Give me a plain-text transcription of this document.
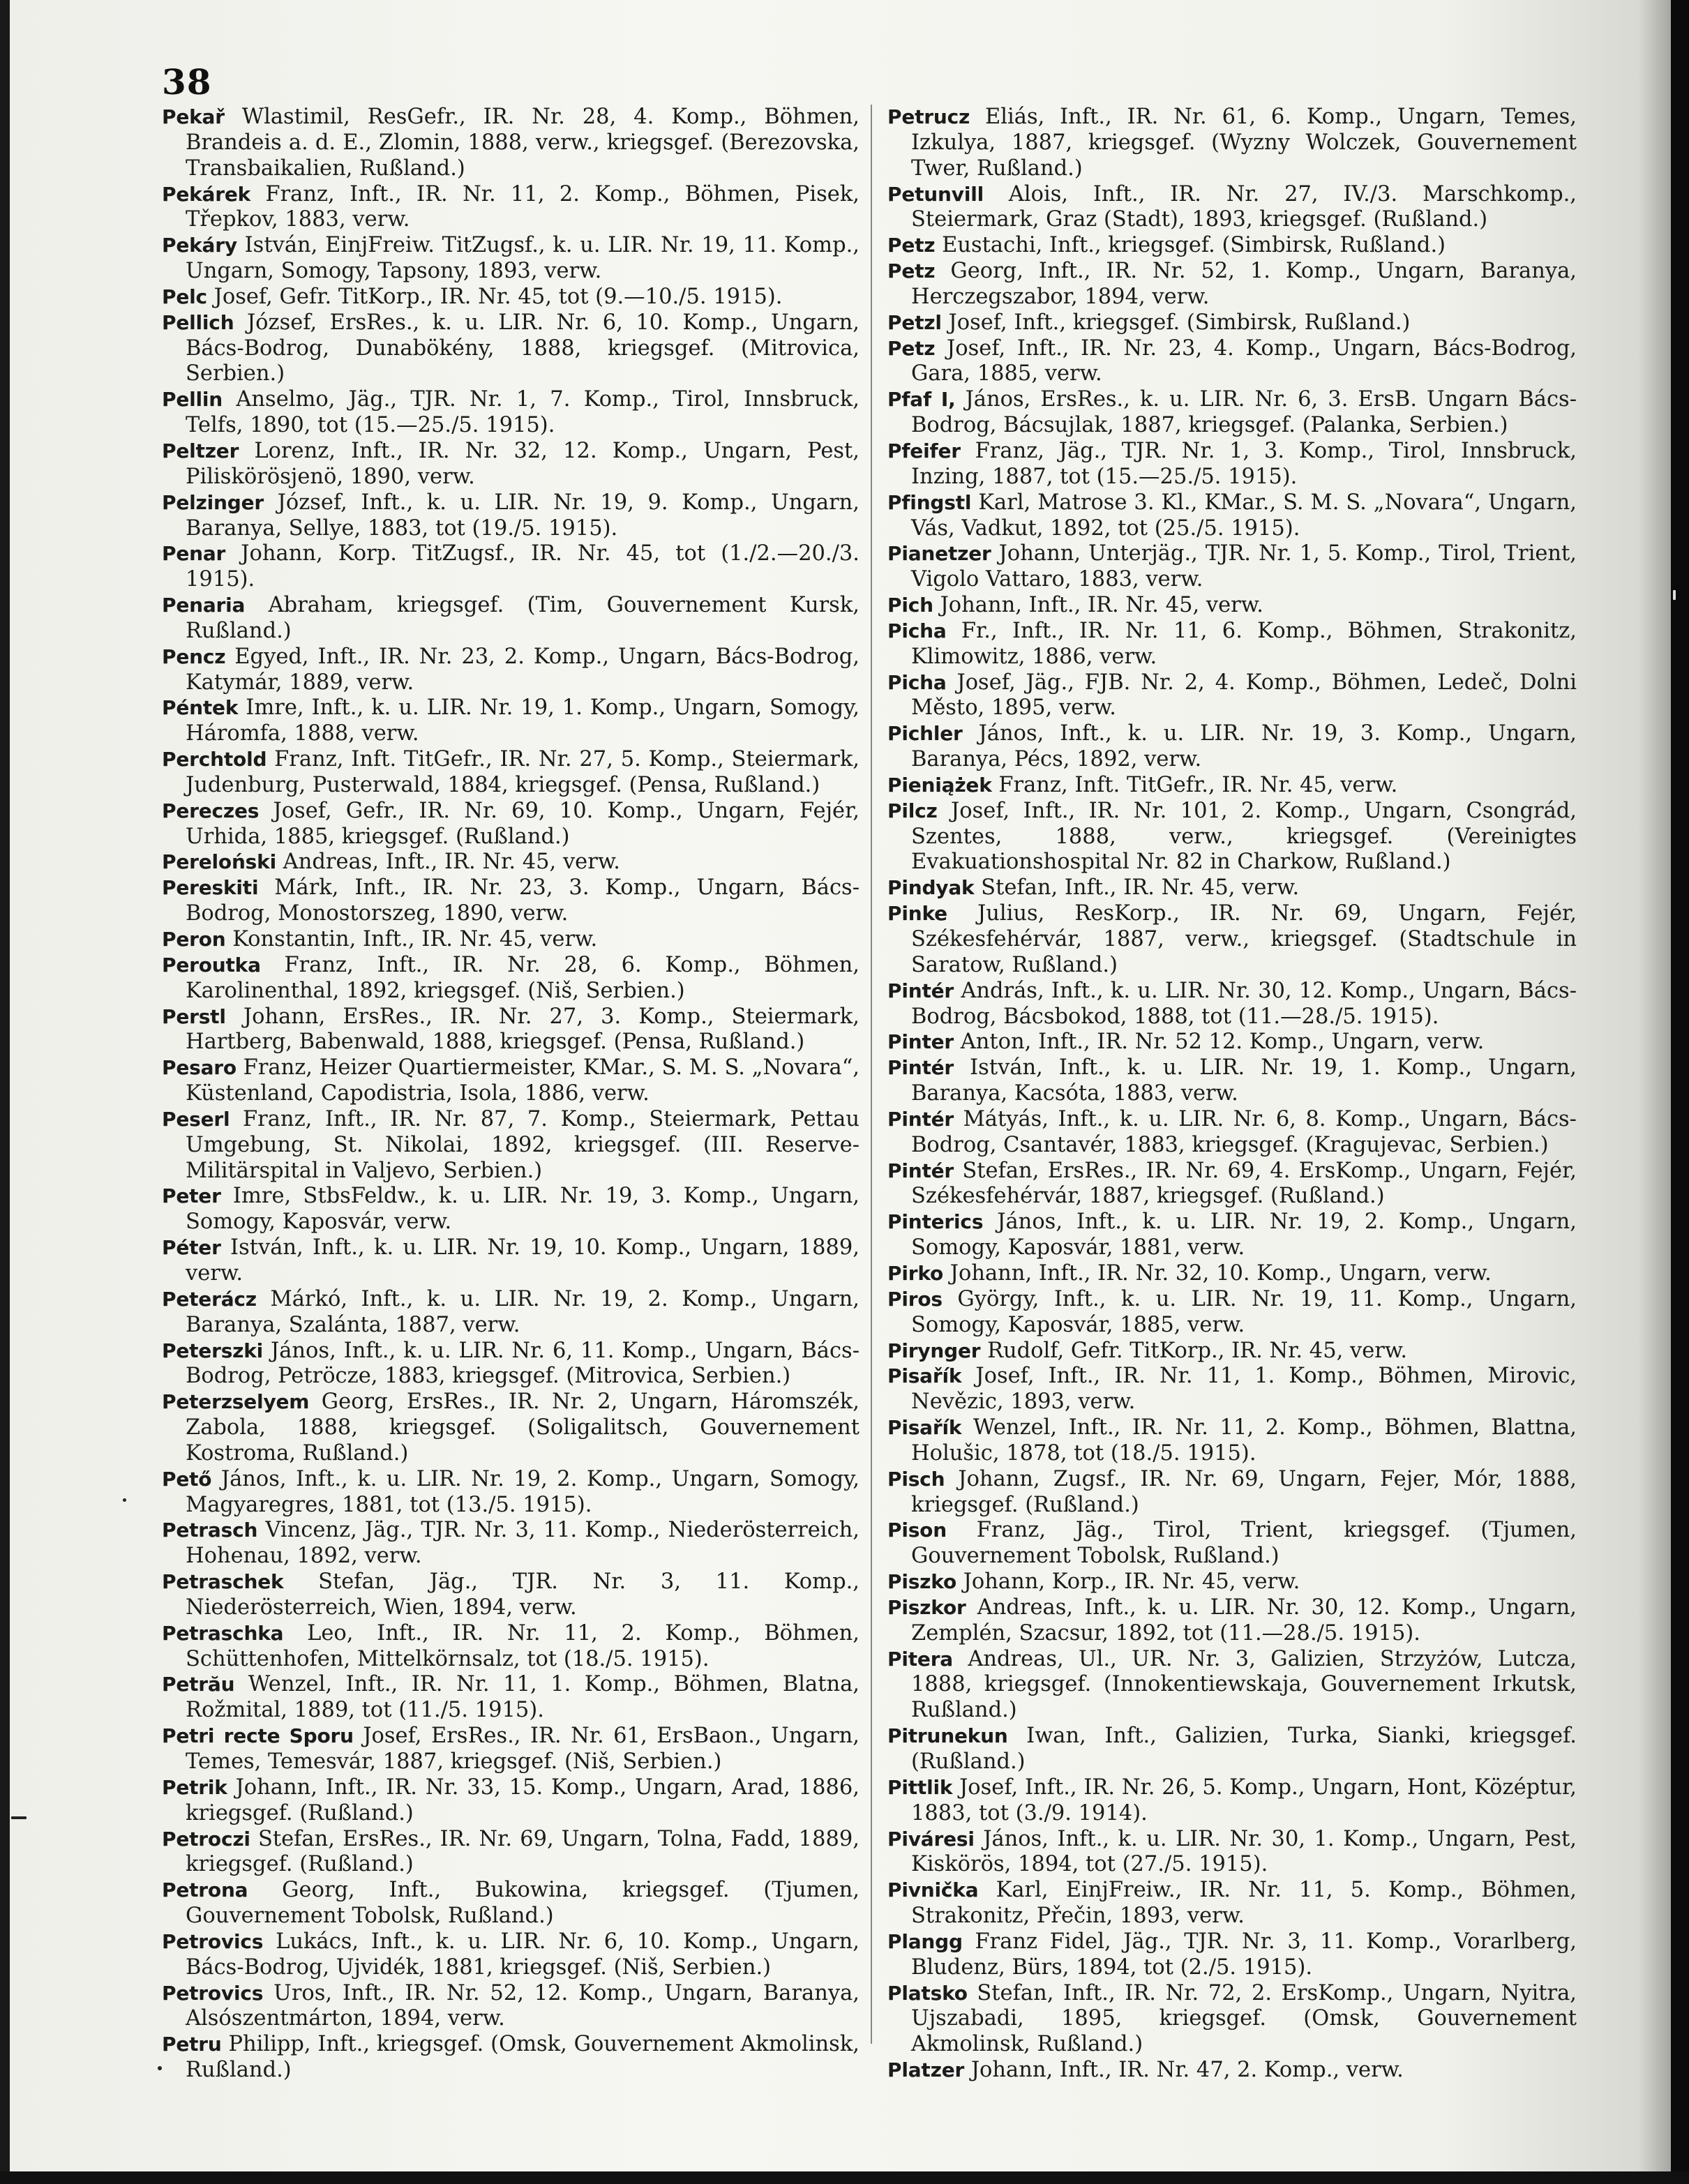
38

Pekař Wlastimil, ResGefr., IR. Nr. 28, 4. Komp., Böhmen, Brandeis a. d. E., Zlomin, 1888, verw., kriegsgef. (Berezovska, Transbaikalien, Rußland.)

Pekárek Franz, Inft., IR. Nr. 11, 2. Komp., Böhmen, Pisek, Třepkov, 1883, verw.

Pekáry István, EinjFreiw. TitZugsf., k. u. LIR. Nr. 19, 11. Komp., Ungarn, Somogy, Tapsony, 1893, verw.

Pelc Josef, Gefr. TitKorp., IR. Nr. 45, tot (9.—10./5. 1915).

Pellich József, ErsRes., k. u. LIR. Nr. 6, 10. Komp., Ungarn, Bács-Bodrog, Dunabökény, 1888, kriegsgef. (Mitrovica, Serbien.)

Pellin Anselmo, Jäg., TJR. Nr. 1, 7. Komp., Tirol, Innsbruck, Telfs, 1890, tot (15.—25./5. 1915).

Peltzer Lorenz, Inft., IR. Nr. 32, 12. Komp., Ungarn, Pest, Piliskörösjenö, 1890, verw.

Pelzinger József, Inft., k. u. LIR. Nr. 19, 9. Komp., Ungarn, Baranya, Sellye, 1883, tot (19./5. 1915).

Penar Johann, Korp. TitZugsf., IR. Nr. 45, tot (1./2.—20./3. 1915).

Penaria Abraham, kriegsgef. (Tim, Gouvernement Kursk, Rußland.)

Pencz Egyed, Inft., IR. Nr. 23, 2. Komp., Ungarn, Bács-Bodrog, Katymár, 1889, verw.

Péntek Imre, Inft., k. u. LIR. Nr. 19, 1. Komp., Ungarn, Somogy, Háromfa, 1888, verw.

Perchtold Franz, Inft. TitGefr., IR. Nr. 27, 5. Komp., Steiermark, Judenburg, Pusterwald, 1884, kriegsgef. (Pensa, Rußland.)

Pereczes Josef, Gefr., IR. Nr. 69, 10. Komp., Ungarn, Fejér, Urhida, 1885, kriegsgef. (Rußland.)

Pereloński Andreas, Inft., IR. Nr. 45, verw.

Pereskiti Márk, Inft., IR. Nr. 23, 3. Komp., Ungarn, Bács-Bodrog, Monostorszeg, 1890, verw.

Peron Konstantin, Inft., IR. Nr. 45, verw.

Peroutka Franz, Inft., IR. Nr. 28, 6. Komp., Böhmen, Karolinenthal, 1892, kriegsgef. (Niš, Serbien.)

Perstl Johann, ErsRes., IR. Nr. 27, 3. Komp., Steiermark, Hartberg, Babenwald, 1888, kriegsgef. (Pensa, Rußland.)

Pesaro Franz, Heizer Quartiermeister, KMar., S. M. S. „Novara“, Küstenland, Capodistria, Isola, 1886, verw.

Peserl Franz, Inft., IR. Nr. 87, 7. Komp., Steiermark, Pettau Umgebung, St. Nikolai, 1892, kriegsgef. (III. Reserve-Militärspital in Valjevo, Serbien.)

Peter Imre, StbsFeldw., k. u. LIR. Nr. 19, 3. Komp., Ungarn, Somogy, Kaposvár, verw.

Péter István, Inft., k. u. LIR. Nr. 19, 10. Komp., Ungarn, 1889, verw.

Peterácz Márkó, Inft., k. u. LIR. Nr. 19, 2. Komp., Ungarn, Baranya, Szalánta, 1887, verw.

Peterszki János, Inft., k. u. LIR. Nr. 6, 11. Komp., Ungarn, Bács-Bodrog, Petröcze, 1883, kriegsgef. (Mitrovica, Serbien.)

Peterzselyem Georg, ErsRes., IR. Nr. 2, Ungarn, Háromszék, Zabola, 1888, kriegsgef. (Soligalitsch, Gouvernement Kostroma, Rußland.)

Pető János, Inft., k. u. LIR. Nr. 19, 2. Komp., Ungarn, Somogy, Magyaregres, 1881, tot (13./5. 1915).

Petrasch Vincenz, Jäg., TJR. Nr. 3, 11. Komp., Niederösterreich, Hohenau, 1892, verw.

Petraschek Stefan, Jäg., TJR. Nr. 3, 11. Komp., Niederösterreich, Wien, 1894, verw.

Petraschka Leo, Inft., IR. Nr. 11, 2. Komp., Böhmen, Schüttenhofen, Mittelkörnsalz, tot (18./5. 1915).

Petrău Wenzel, Inft., IR. Nr. 11, 1. Komp., Böhmen, Blatna, Rožmital, 1889, tot (11./5. 1915).

Petri recte Sporu Josef, ErsRes., IR. Nr. 61, ErsBaon., Ungarn, Temes, Temesvár, 1887, kriegsgef. (Niš, Serbien.)

Petrik Johann, Inft., IR. Nr. 33, 15. Komp., Ungarn, Arad, 1886, kriegsgef. (Rußland.)

Petroczi Stefan, ErsRes., IR. Nr. 69, Ungarn, Tolna, Fadd, 1889, kriegsgef. (Rußland.)

Petrona Georg, Inft., Bukowina, kriegsgef. (Tjumen, Gouvernement Tobolsk, Rußland.)

Petrovics Lukács, Inft., k. u. LIR. Nr. 6, 10. Komp., Ungarn, Bács-Bodrog, Ujvidék, 1881, kriegsgef. (Niš, Serbien.)

Petrovics Uros, Inft., IR. Nr. 52, 12. Komp., Ungarn, Baranya, Alsószentmárton, 1894, verw.

Petru Philipp, Inft., kriegsgef. (Omsk, Gouvernement Akmolinsk, Rußland.)

Petrucz Eliás, Inft., IR. Nr. 61, 6. Komp., Ungarn, Temes, Izkulya, 1887, kriegsgef. (Wyzny Wolczek, Gouvernement Twer, Rußland.)

Petunvill Alois, Inft., IR. Nr. 27, IV./3. Marschkomp., Steiermark, Graz (Stadt), 1893, kriegsgef. (Rußland.)

Petz Eustachi, Inft., kriegsgef. (Simbirsk, Rußland.)

Petz Georg, Inft., IR. Nr. 52, 1. Komp., Ungarn, Baranya, Herczegszabor, 1894, verw.

Petzl Josef, Inft., kriegsgef. (Simbirsk, Rußland.)

Petz Josef, Inft., IR. Nr. 23, 4. Komp., Ungarn, Bács-Bodrog, Gara, 1885, verw.

Pfaf I, János, ErsRes., k. u. LIR. Nr. 6, 3. ErsB. Ungarn Bács-Bodrog, Bácsujlak, 1887, kriegsgef. (Palanka, Serbien.)

Pfeifer Franz, Jäg., TJR. Nr. 1, 3. Komp., Tirol, Innsbruck, Inzing, 1887, tot (15.—25./5. 1915).

Pfingstl Karl, Matrose 3. Kl., KMar., S. M. S. „Novara“, Ungarn, Vás, Vadkut, 1892, tot (25./5. 1915).

Pianetzer Johann, Unterjäg., TJR. Nr. 1, 5. Komp., Tirol, Trient, Vigolo Vattaro, 1883, verw.

Pich Johann, Inft., IR. Nr. 45, verw.

Picha Fr., Inft., IR. Nr. 11, 6. Komp., Böhmen, Strakonitz, Klimowitz, 1886, verw.

Picha Josef, Jäg., FJB. Nr. 2, 4. Komp., Böhmen, Ledeč, Dolni Město, 1895, verw.

Pichler János, Inft., k. u. LIR. Nr. 19, 3. Komp., Ungarn, Baranya, Pécs, 1892, verw.

Pieniążek Franz, Inft. TitGefr., IR. Nr. 45, verw.

Pilcz Josef, Inft., IR. Nr. 101, 2. Komp., Ungarn, Csongrád, Szentes, 1888, verw., kriegsgef. (Vereinigtes Evakuationshospital Nr. 82 in Charkow, Rußland.)

Pindyak Stefan, Inft., IR. Nr. 45, verw.

Pinke Julius, ResKorp., IR. Nr. 69, Ungarn, Fejér, Székesfehérvár, 1887, verw., kriegsgef. (Stadtschule in Saratow, Rußland.)

Pintér András, Inft., k. u. LIR. Nr. 30, 12. Komp., Ungarn, Bács-Bodrog, Bácsbokod, 1888, tot (11.—28./5. 1915).

Pinter Anton, Inft., IR. Nr. 52 12. Komp., Ungarn, verw.

Pintér István, Inft., k. u. LIR. Nr. 19, 1. Komp., Ungarn, Baranya, Kacsóta, 1883, verw.

Pintér Mátyás, Inft., k. u. LIR. Nr. 6, 8. Komp., Ungarn, Bács-Bodrog, Csantavér, 1883, kriegsgef. (Kragujevac, Serbien.)

Pintér Stefan, ErsRes., IR. Nr. 69, 4. ErsKomp., Ungarn, Fejér, Székesfehérvár, 1887, kriegsgef. (Rußland.)

Pinterics János, Inft., k. u. LIR. Nr. 19, 2. Komp., Ungarn, Somogy, Kaposvár, 1881, verw.

Pirko Johann, Inft., IR. Nr. 32, 10. Komp., Ungarn, verw.

Piros György, Inft., k. u. LIR. Nr. 19, 11. Komp., Ungarn, Somogy, Kaposvár, 1885, verw.

Pirynger Rudolf, Gefr. TitKorp., IR. Nr. 45, verw.

Pisařík Josef, Inft., IR. Nr. 11, 1. Komp., Böhmen, Mirovic, Nevězic, 1893, verw.

Pisařík Wenzel, Inft., IR. Nr. 11, 2. Komp., Böhmen, Blattna, Holušic, 1878, tot (18./5. 1915).

Pisch Johann, Zugsf., IR. Nr. 69, Ungarn, Fejer, Mór, 1888, kriegsgef. (Rußland.)

Pison Franz, Jäg., Tirol, Trient, kriegsgef. (Tjumen, Gouvernement Tobolsk, Rußland.)

Piszko Johann, Korp., IR. Nr. 45, verw.

Piszkor Andreas, Inft., k. u. LIR. Nr. 30, 12. Komp., Ungarn, Zemplén, Szacsur, 1892, tot (11.—28./5. 1915).

Pitera Andreas, Ul., UR. Nr. 3, Galizien, Strzyżów, Lutcza, 1888, kriegsgef. (Innokentiewskaja, Gouvernement Irkutsk, Rußland.)

Pitrunekun Iwan, Inft., Galizien, Turka, Sianki, kriegsgef. (Rußland.)

Pittlik Josef, Inft., IR. Nr. 26, 5. Komp., Ungarn, Hont, Középtur, 1883, tot (3./9. 1914).

Piváresi János, Inft., k. u. LIR. Nr. 30, 1. Komp., Ungarn, Pest, Kiskörös, 1894, tot (27./5. 1915).

Pivnička Karl, EinjFreiw., IR. Nr. 11, 5. Komp., Böhmen, Strakonitz, Přečin, 1893, verw.

Plangg Franz Fidel, Jäg., TJR. Nr. 3, 11. Komp., Vorarlberg, Bludenz, Bürs, 1894, tot (2./5. 1915).

Platsko Stefan, Inft., IR. Nr. 72, 2. ErsKomp., Ungarn, Nyitra, Ujszabadi, 1895, kriegsgef. (Omsk, Gouvernement Akmolinsk, Rußland.)

Platzer Johann, Inft., IR. Nr. 47, 2. Komp., verw.
